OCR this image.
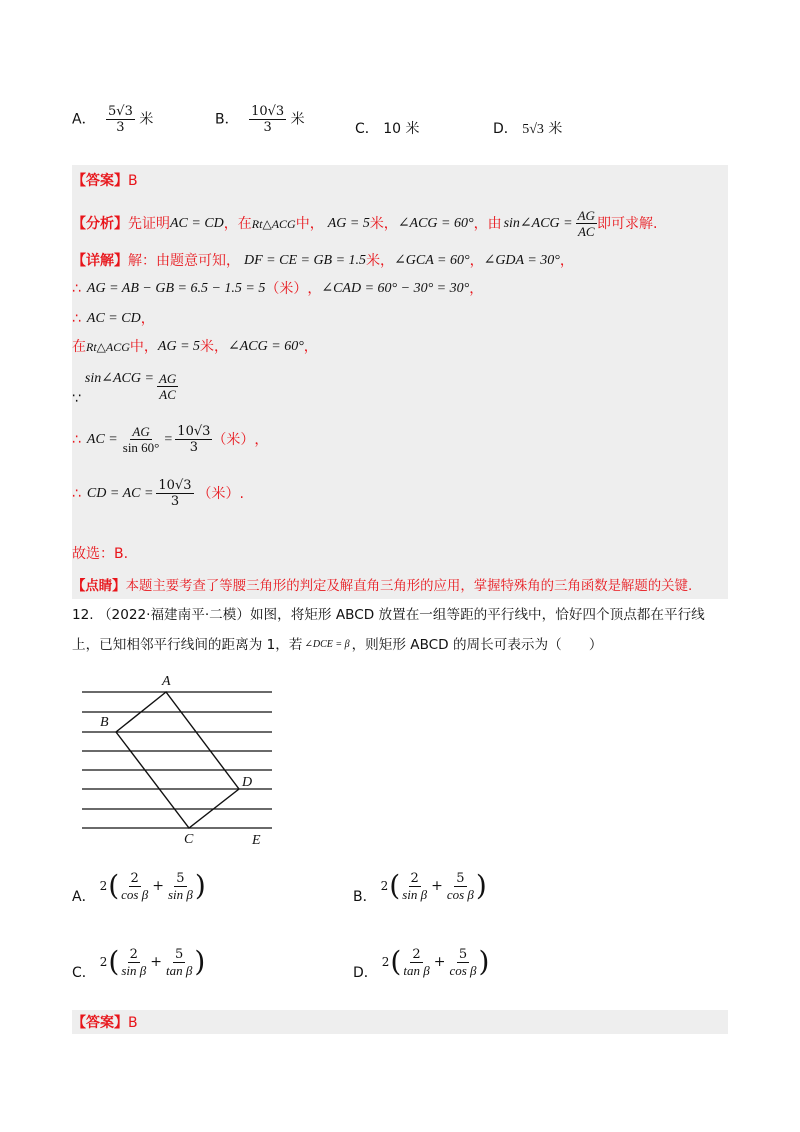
A． $\frac{5√3}{3}$ 米	B． $\frac{10√3}{3}$ 米
C． 10 米	D． 5√3 米
【答案】B
【分析】 先证明 AC = CD ，在 Rt△ACG 中， AG = 5 米， ∠ACG = 60° ，由 sin∠ACG = $\frac{AG}{AC}$ 即可求解.
【详解】 解：由题意可知， DF = CE = GB = 1.5 米， ∠GCA = 60° ， ∠GDA = 30° ，
∴ AG = AB − GB = 6.5 − 1.5 = 5 （米） ， ∠CAD = 60° − 30° = 30° ，
∴ AC = CD ，
在 Rt△ACG 中， AG = 5 米， ∠ACG = 60° ，
∵
sin∠ACG = $\frac{AG}{AC}$
∴ AC = $\frac{AG}{\sin 60^\circ} = \frac{10√3}{3}$ （米） ，
∴ CD = AC = $\frac{10√3}{3}$ （米） .
故选：B.
【点睛】本题主要考查了等腰三角形的判定及解直角三角形的应用，掌握特殊角的三角函数是解题的关键.
12. （2022·福建南平·二模）如图，将矩形 ABCD 放置在一组等距的平行线中，恰好四个顶点都在平行线
上，已知相邻平行线间的距离为 1，若 ∠DCE = β ，则矩形 ABCD 的周长可表示为（　　）
A
B
C
D
E
A．
2 ( $\frac{2}{\text{cos β}} + \frac{5}{\text{sin β}}$ )	B．
2 ( $\frac{2}{\text{sin β}} + \frac{5}{\text{cos β}}$ )
C．
2 ( $\frac{2}{\text{sin β}} + \frac{5}{\text{tan β}}$ )	D．
2 ( $\frac{2}{\text{tan β}} + \frac{5}{\text{cos β}}$ )
【答案】B
